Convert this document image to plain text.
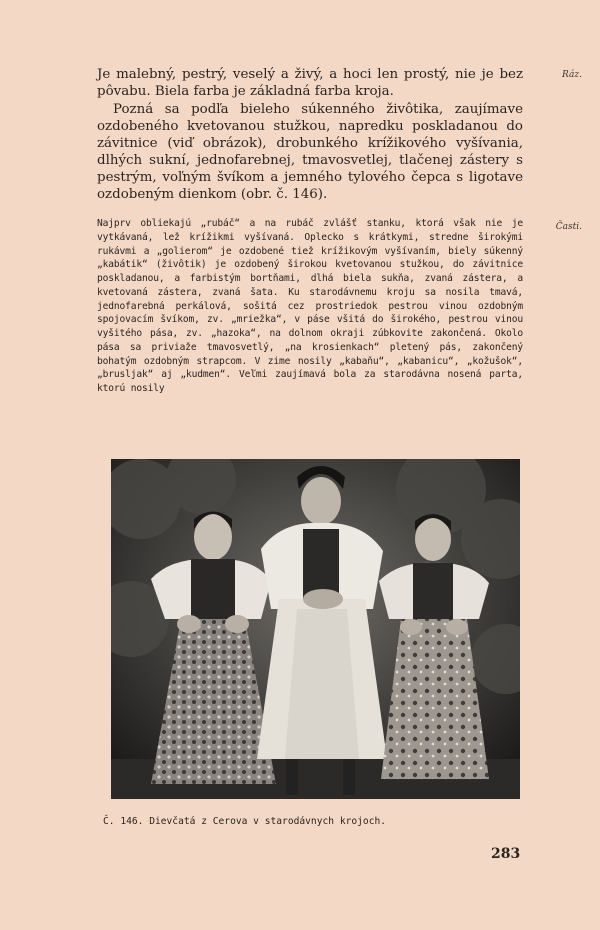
Ráz.
Časti.

Je malebný, pestrý, veselý a živý, a hoci len prostý, nie je bez pôvabu. Biela farba je základná farba kroja.

Pozná sa podľa bieleho súkenného živôtika, zaujímave ozdobeného kvetovanou stužkou, napredku poskladanou do závitnice (viď obrázok), drobunkého krížikového vyšívania, dlhých sukní, jednofarebnej, tmavosvetlej, tlačenej zástery s pestrým, voľným švíkom a jemného tylového čepca s ligotave ozdobeným dienkom (obr. č. 146).

Najprv obliekajú „rubáč“ a na rubáč zvlášť stanku, ktorá však nie je vytkávaná, lež krížikmi vyšívaná. Oplecko s krátkymi, stredne širokými rukávmi a „golierom“ je ozdobené tiež krížikovým vyšívaním, biely súkenný „kabátik“ (živôtik) je ozdobený širokou kvetovanou stužkou, do závitnice poskladanou, a farbistým bortňami, dlhá biela sukňa, zvaná zástera, a kvetovaná zástera, zvaná šata. Ku starodávnemu kroju sa nosila tmavá, jednofarebná perkálová, sošitá cez prostriedok pestrou vinou ozdobným spojovacím švíkom, zv. „mriežka“, v páse všitá do širokého, pestrou vinou vyšitého pása, zv. „hazoka“, na dolnom okraji zúbkovite zakončená. Okolo pása sa priviaže tmavosvetlý, „na krosienkach“ pletený pás, zakončený bohatým ozdobným strapcom. V zime nosily „kabaňu“, „kabanicu“, „kožušok“, „brusljak“ aj „kudmen“. Veľmi zaujímavá bola za starodávna nosená parta, ktorú nosily

Č. 146. Dievčatá z Cerova v starodávnych krojoch.
283
